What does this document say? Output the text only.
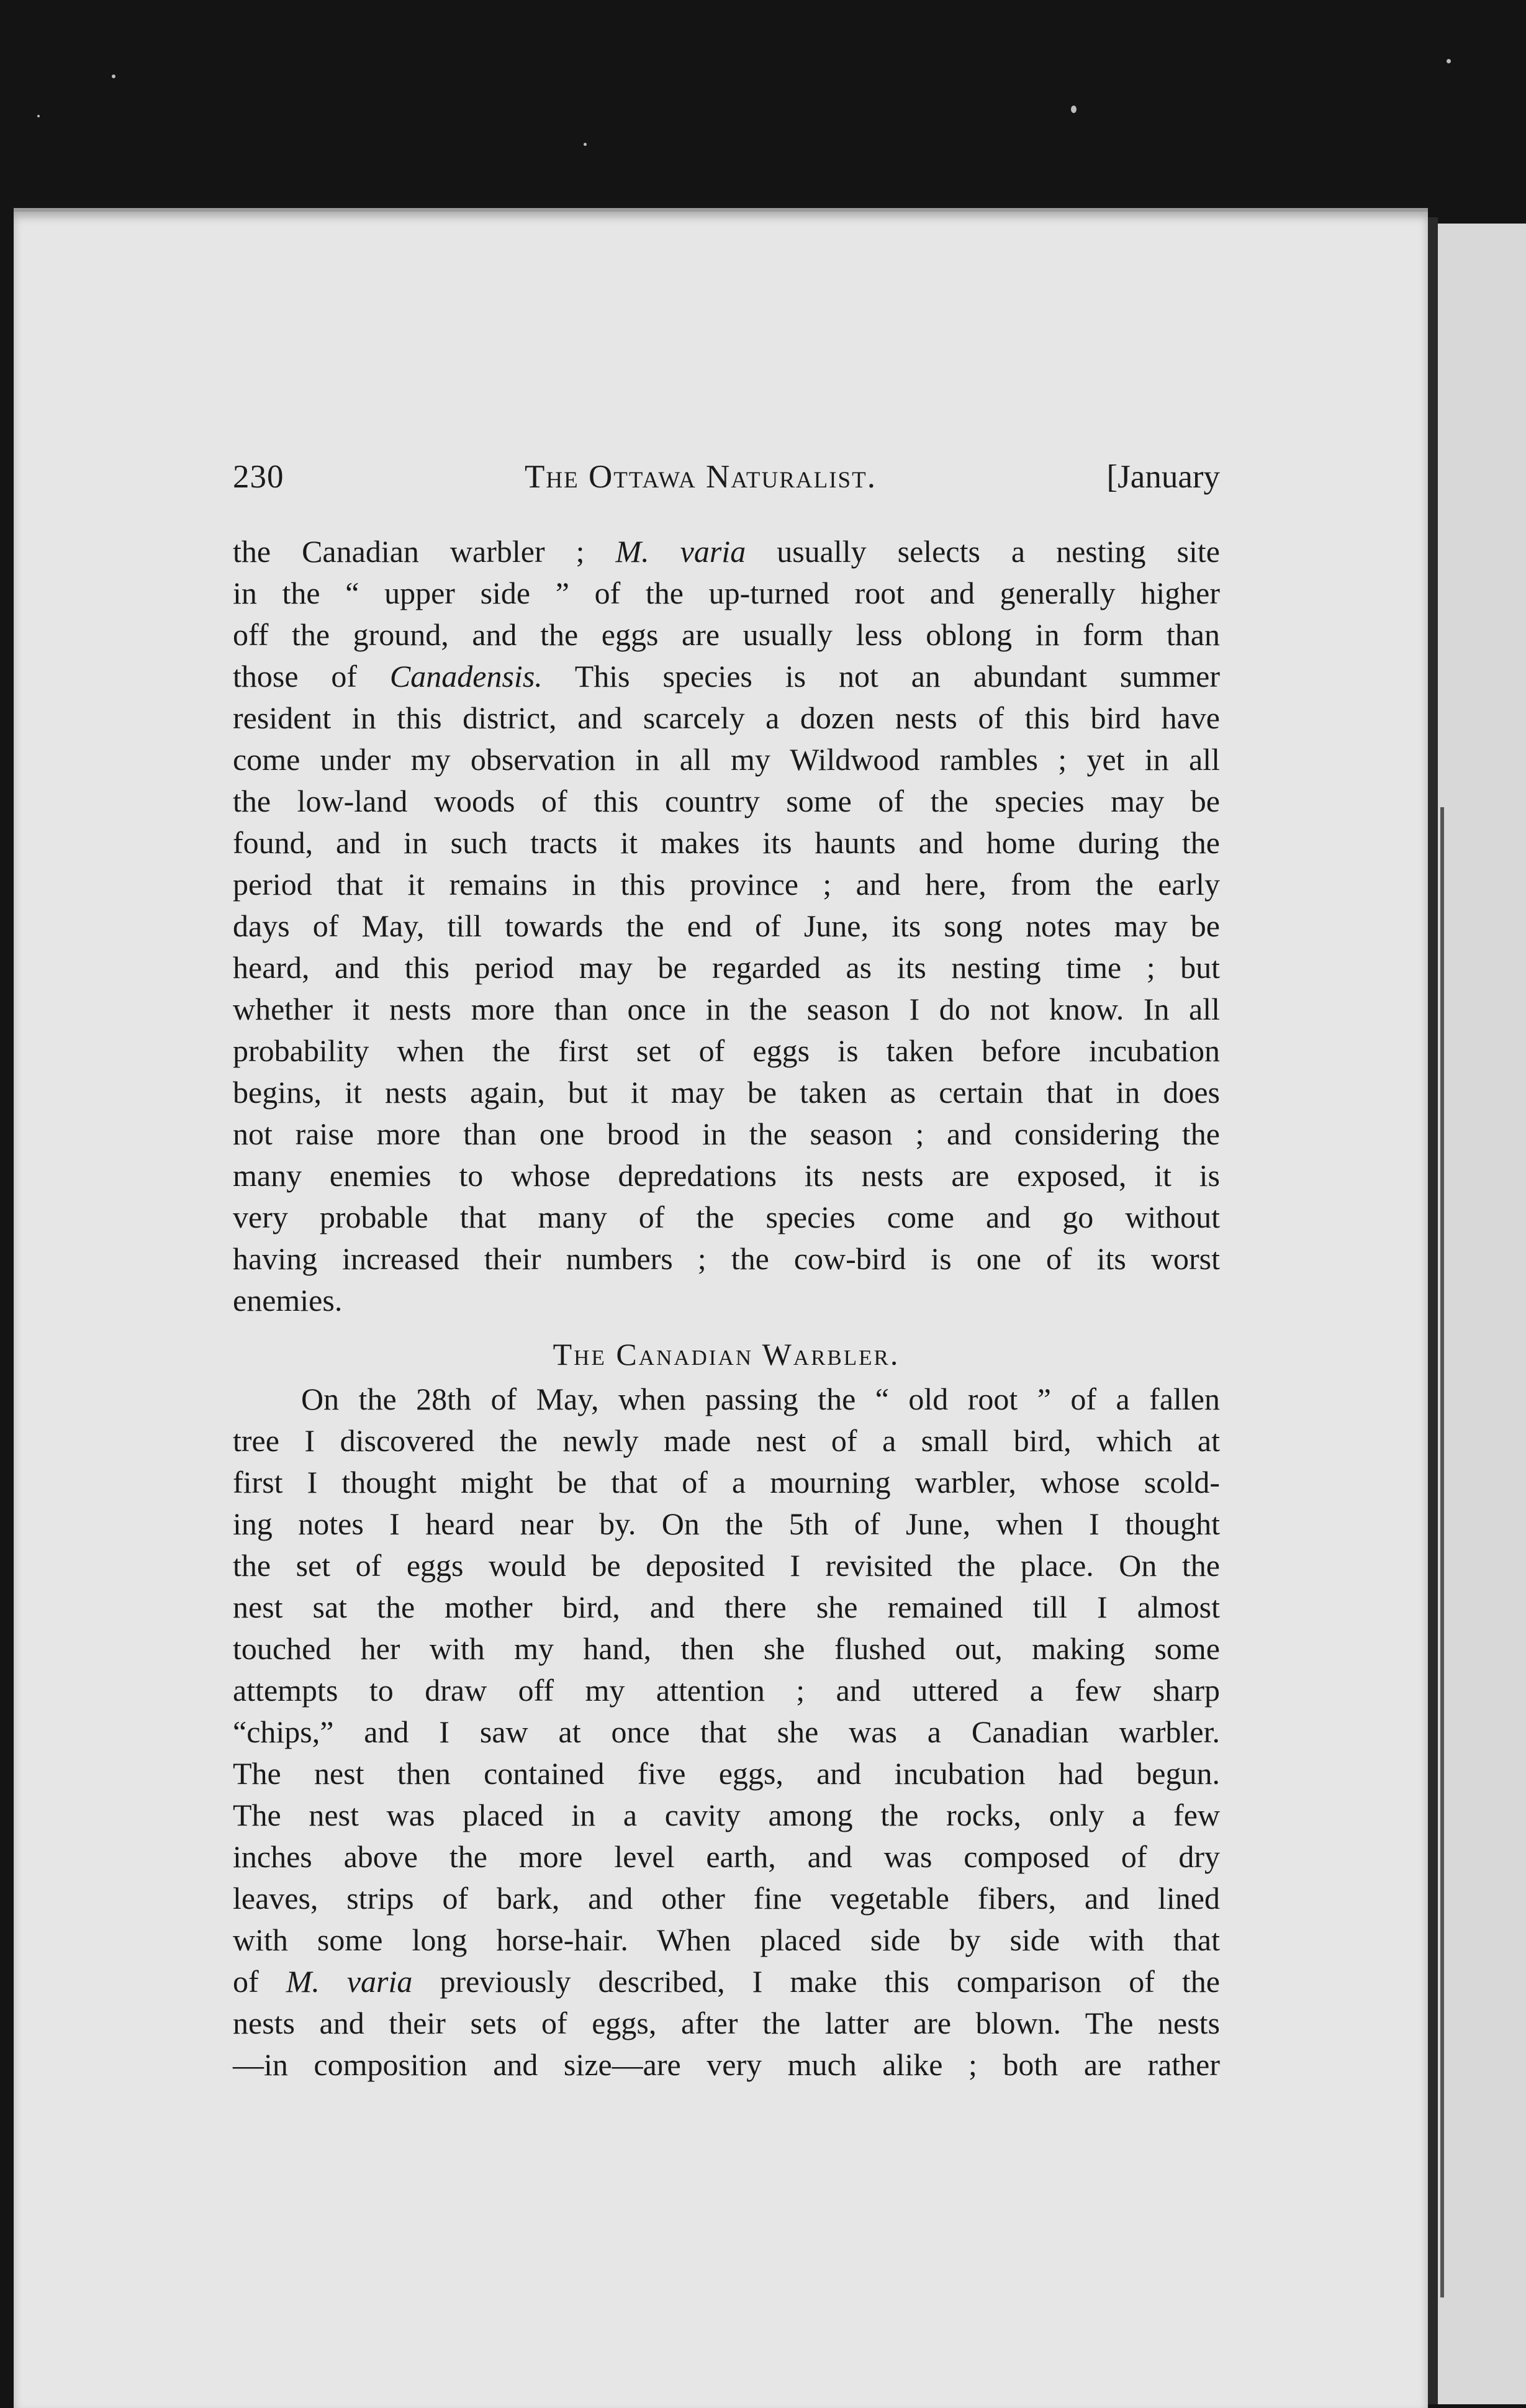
230	The Ottawa Naturalist.	[January
the Canadian warbler ; M. varia usually selects a nesting site
in the “ upper side ” of the up-turned root and generally higher
off the ground, and the eggs are usually less oblong in form than
those of Canadensis. This species is not an abundant summer
resident in this district, and scarcely a dozen nests of this bird have
come under my observation in all my Wildwood rambles ; yet in all
the low-land woods of this country some of the species may be
found, and in such tracts it makes its haunts and home during the
period that it remains in this province ; and here, from the early
days of May, till towards the end of June, its song notes may be
heard, and this period may be regarded as its nesting time ; but
whether it nests more than once in the season I do not know. In all
probability when the first set of eggs is taken before incubation
begins, it nests again, but it may be taken as certain that in does
not raise more than one brood in the season ; and considering the
many enemies to whose depredations its nests are exposed, it is
very probable that many of the species come and go without
having increased their numbers ; the cow-bird is one of its worst
enemies.
The Canadian Warbler.
On the 28th of May, when passing the “ old root ” of a fallen
tree I discovered the newly made nest of a small bird, which at
first I thought might be that of a mourning warbler, whose scold-
ing notes I heard near by. On the 5th of June, when I thought
the set of eggs would be deposited I revisited the place. On the
nest sat the mother bird, and there she remained till I almost
touched her with my hand, then she flushed out, making some
attempts to draw off my attention ; and uttered a few sharp
“chips,” and I saw at once that she was a Canadian warbler.
The nest then contained five eggs, and incubation had begun.
The nest was placed in a cavity among the rocks, only a few
inches above the more level earth, and was composed of dry
leaves, strips of bark, and other fine vegetable fibers, and lined
with some long horse-hair. When placed side by side with that
of M. varia previously described, I make this comparison of the
nests and their sets of eggs, after the latter are blown. The nests
—in composition and size—are very much alike ; both are rather
